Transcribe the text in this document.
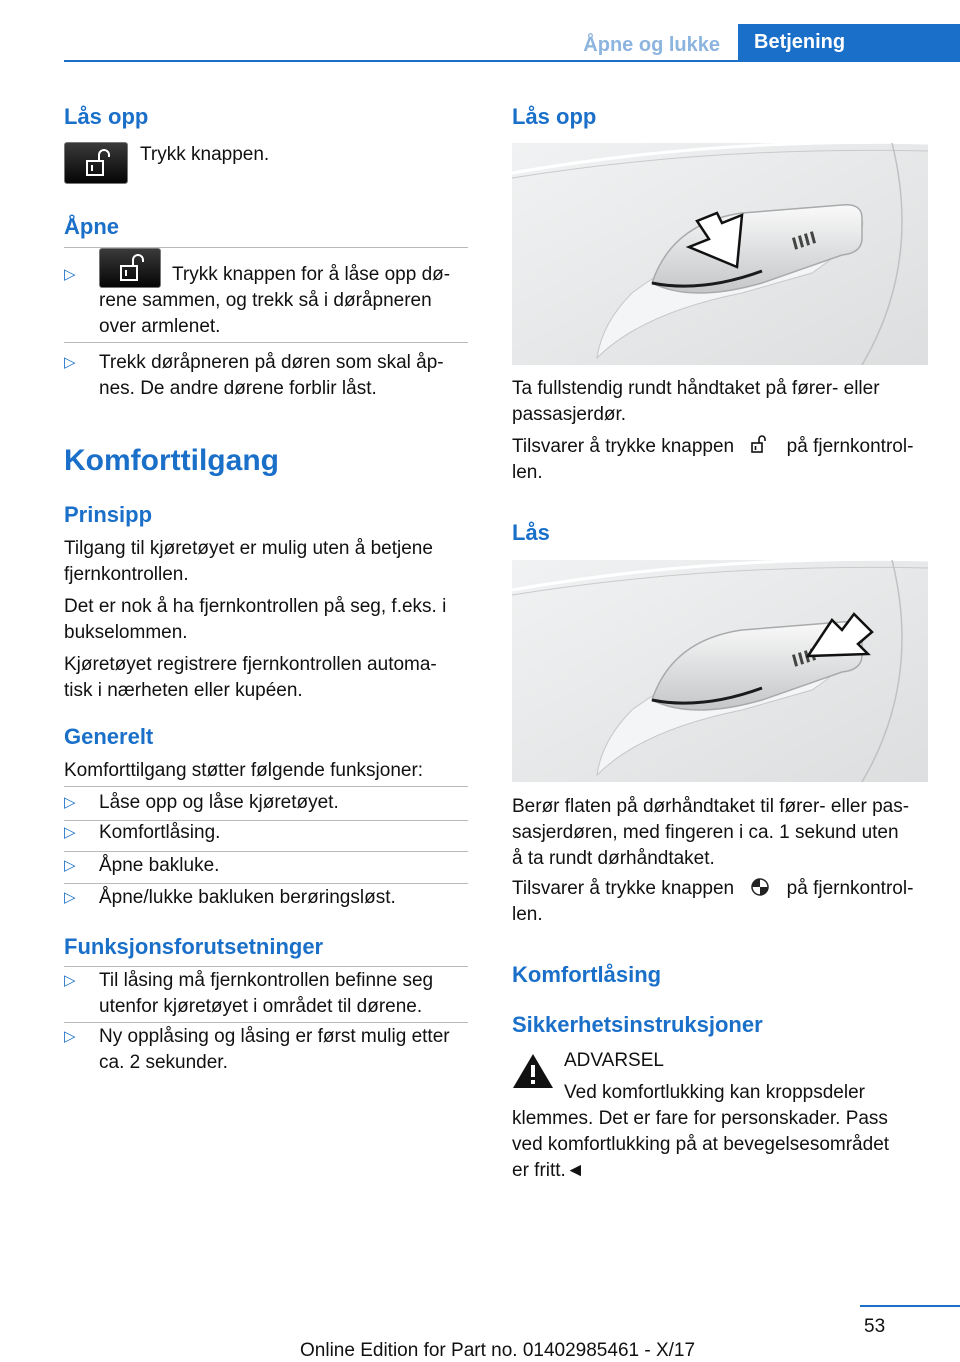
Åpne og lukke	Betjening
Lås opp
Trykk knappen.
Åpne
▷	Trykk knappen for å låse opp dø-
rene sammen, og trekk så i døråpneren
over armlenet.
▷ Trekk døråpneren på døren som skal åp-
nes. De andre dørene forblir låst.
Komforttilgang
Prinsipp
Tilgang til kjøretøyet er mulig uten å betjene
fjernkontrollen.
Det er nok å ha fjernkontrollen på seg, f.eks. i
bukselommen.
Kjøretøyet registrere fjernkontrollen automa-
tisk i nærheten eller kupéen.
Generelt
Komforttilgang støtter følgende funksjoner:
▷ Låse opp og låse kjøretøyet.
▷ Komfortlåsing.
▷ Åpne bakluke.
▷ Åpne/lukke bakluken berøringsløst.
Funksjonsforutsetninger
▷ Til låsing må fjernkontrollen befinne seg
utenfor kjøretøyet i området til dørene.
▷ Ny opplåsing og låsing er først mulig etter
ca. 2 sekunder.
Lås opp
Ta fullstendig rundt håndtaket på fører- eller
passasjerdør.
Tilsvarer å trykke knappen	på fjernkontrol-
len.
Lås
Berør flaten på dørhåndtaket til fører- eller pas-
sasjerdøren, med fingeren i ca. 1 sekund uten
å ta rundt dørhåndtaket.
Tilsvarer å trykke knappen	på fjernkontrol-
len.
Komfortlåsing
Sikkerhetsinstruksjoner
ADVARSEL
Ved komfortlukking kan kroppsdeler
klemmes. Det er fare for personskader. Pass
ved komfortlukking på at bevegelsesområdet
er fritt.◄
53
Online Edition for Part no. 01402985461 - X/17
